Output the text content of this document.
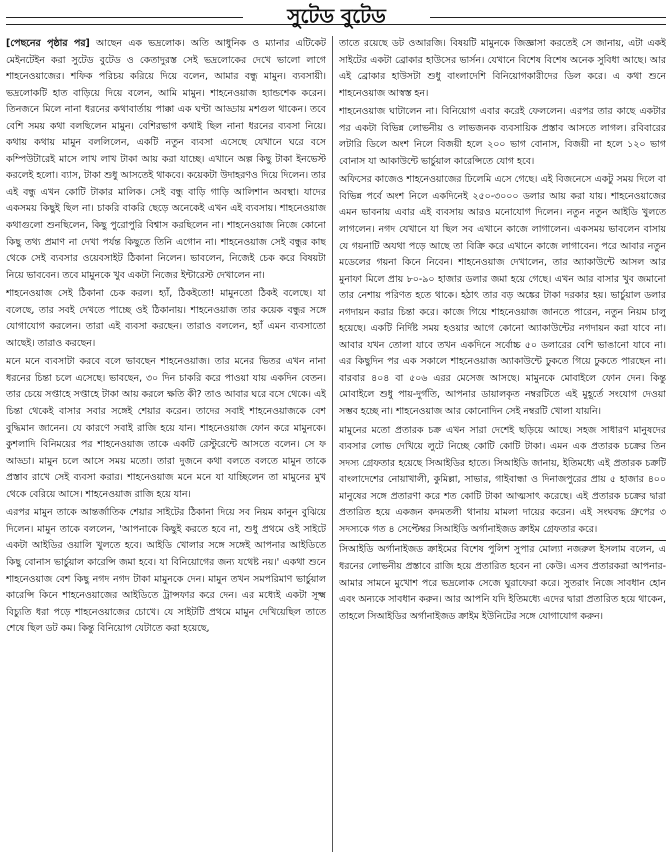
সুটেড বুটেড

[পেছনের পৃষ্ঠার পর] আছেন এক ভদ্রলোক। অতি আধুনিক ও ম্যানার এটিকেট মেইনটেইন করা সুটেড বুটেড ও কেতাদুরস্ত সেই ভদ্রলোকের দেখে ভালো লাগে শাহনেওয়াজের। শফিক পরিচয় করিয়ে দিয়ে বলেন, আমার বন্ধু মামুন। ব্যবসায়ী। ভদ্রলোকটি হাত বাড়িয়ে দিয়ে বলেন, আমি মামুন। শাহনেওয়াজ হ্যান্ডশেক করেন। তিনজনে মিলে নানা ধরনের কথাবার্তায় পাক্কা এক ঘণ্টা আড্ডায় মশগুল থাকেন। তবে বেশি সময় কথা বলছিলেন মামুন। বেশিরভাগ কথাই ছিল নানা ধরনের ব্যবসা নিয়ে। কথায় কথায় মামুন বললিলেন, একটি নতুন ব্যবসা এসেছে যেখানে ঘরে বসে কম্পিউটারেই মাসে লাখ লাখ টাকা আয় করা যাচ্ছে। এখানে অল্প কিছু টাকা ইনভেস্ট করলেই হলো। ব্যাস, টাকা শুধু আসতেই থাকবে। কয়েকটা উদাহরণও দিয়ে দিলেন। তার এই বন্ধু এখন কোটি টাকার মালিক। সেই বন্ধু বাড়ি গাড়ি আলিশান অবস্থা। যাদের একসময় কিছুই ছিল না। চাকরি বাকরি ছেড়ে অনেকেই এখন এই ব্যবসায়। শাহনেওয়াজ কথাগুলো শুনছিলেন, কিছু পুরোপুরি বিশ্বাস করছিলেন না। শাহনেওয়াজ নিজে কোনো কিছু তথ্য প্রমাণ না দেখা পর্যন্ত কিছুতে তিনি এগোন না। শাহনেওয়াজ সেই বন্ধুর কাছ থেকে সেই ব্যবসার ওয়েবসাইট ঠিকানা নিলেন। ভাবলেন, নিজেই চেক করে বিষয়টা নিয়ে ভাববেন। তবে মামুনকে খুব একটা নিজের ইন্টারেস্ট দেখালেন না।

শাহনেওয়াজ সেই ঠিকানা চেক করল। হ্যাঁ, ঠিকইতো! মামুনতো ঠিকই বলেছে। যা বলেছে, তার সবই দেখতে পাচ্ছে ওই ঠিকানায়। শাহনেওয়াজ তার কয়েক বন্ধুর সঙ্গে যোগাযোগ করলেন। তারা এই ব্যবসা করছেন। তারাও বললেন, হ্যাঁ এমন ব্যবসাতো আছেই। তারাও করছেন।

মনে মনে ব্যবসাটা করবে বলে ভাবছেন শাহনেওয়াজ। তার মনের ভিতর এখন নানা ধরনের চিন্তা চলে এসেছে। ভাবছেন, ৩০ দিন চাকরি করে পাওয়া যায় একদিন বেতন। তার চেয়ে সপ্তাহে সপ্তাহে টাকা আয় করলে ক্ষতি কী? তাও আবার ঘরে বসে থেকে। এই চিন্তা থেকেই বাসার সবার সঙ্গেই শেয়ার করেন। তাদের সবাই শাহনেওয়াজকে বেশ বুদ্ধিমান জানেন। যে কারণে সবাই রাজি হয়ে যান। শাহনেওয়াজ ফোন করে মামুনকে। কুশলাদি বিনিময়ের পর শাহনেওয়াজ তাকে একটি রেস্টুরেন্টে আসতে বলেন। সে ফ আড্ডা। মামুন চলে আসে সময় মতো। তারা দুজনে কথা বলতে বলতে মামুন তাকে প্রস্তাব রাখে সেই ব্যবসা করার। শাহনেওয়াজ মনে মনে যা যাচ্ছিলেন তা মামুনের মুখ থেকে বেরিয়ে আসে। শাহনেওয়াজ রাজি হয়ে যান।

এরপর মামুন তাকে আন্তর্জাতিক শেয়ার সাইটের ঠিকানা দিয়ে সব নিয়ম কানুন বুঝিয়ে দিলেন। মামুন তাকে বললেন, 'আপনাকে কিছুই করতে হবে না, শুধু প্রথমে ওই সাইটে একটা আইডির ওয়ালি খুলতে হবে। আইডি খোলার সঙ্গে সঙ্গেই আপনার আইডিতে কিছু বোনাস ভার্চুয়াল কারেন্সি জমা হবে। যা বিনিয়োগের জন্য যথেষ্ট নয়।' একথা শুনে শাহনেওয়াজ বেশ কিছু নগদ নগদ টাকা মামুনকে দেন। মামুন তখন সমপরিমাণ ভার্চুয়াল কারেন্সি কিনে শাহনেওয়াজের আইডিতে ট্রান্সফার করে দেন। এর মধ্যেই একটা সূক্ষ্ম বিচ্যুতি ধরা পড়ে শাহনেওয়াজের চোখে। যে সাইটটি প্রথমে মামুন দেখিয়েছিল তাতে শেষে ছিল ডট কম। কিন্তু বিনিয়োগ যেটাতে করা হয়েছে,

তাতে রয়েছে ডট ওআরজি। বিষয়টি মামুনকে জিজ্ঞাসা করতেই সে জানায়, এটা একই সাইটের একটা ব্রোকার হাউসের ভার্সন। যেখানে বিশেষ বিশেষ অনেক সুবিধা আছে। আর এই ব্রোকার হাউসটা শুধু বাংলাদেশি বিনিয়োগকারীদের ডিল করে। এ কথা শুনে শাহনেওয়াজ আস্বস্ত হন।

শাহনেওয়াজ ঘাটালেন না। বিনিয়োগ এবার করেই ফেললেন। এরপর তার কাছে একটার পর একটা বিভিন্ন লোভনীয় ও লাভজনক ব্যবসায়িক প্রস্তাব আসতে লাগল। রবিবারের লটারি ডিলে অংশ নিলে বিজয়ী হলে ২০০ ভাগ বোনাস, বিজয়ী না হলে ১২০ ভাগ বোনাস যা আকাউন্টে ভার্চুয়াল কারেন্সিতে যোগ হবে।

অফিসের কাজেও শাহনেওয়াজের ঢিলেমি এসে গেছে। এই বিজনেসে একটু সময় দিলে বা বিভিন্ন পর্বে অংশ নিলে একদিনেই ২৫০-৩০০০ ডলার আয় করা যায়। শাহনেওয়াজের এমন ভাবনায় এবার এই ব্যবসায় আরও মনোযোগ দিলেন। নতুন নতুন আইডি খুলতে লাগলেন। নগদ যেখানে যা ছিল সব এখানে কাজে লাগালেন। একসময় ভাবলেন বাসায় যে গয়নাটি অযথা পড়ে আছে তা বিক্রি করে এখানে কাজে লাগাবেন। পরে আবার নতুন মডেলের গয়না কিনে নিবেন। শাহনেওয়াজ দেখালেন, তার অ্যাকাউন্টে আসল আর মুনাফা মিলে প্রায় ৮০-৯০ হাজার ডলার জমা হয়ে গেছে। এখন আর বাসার খুব জমানো তার নেশায় পরিণত হতে থাকে। হঠাৎ তার বড় অঙ্কের টাকা দরকার হয়। ভার্চুয়াল ডলার নগদায়ন করার চিন্তা করে। কাজে গিয়ে শাহনেওয়াজ জানতে পারেন, নতুন নিয়ম চালু হয়েছে। একটি নির্দিষ্ট সময় হওয়ার আগে কোনো অ্যাকাউন্টের নগদায়ন করা যাবে না। আবার যখন তোলা যাবে তখন একদিনে সর্বোচ্চ ৫০ ডলারের বেশি ভাঙানো যাবে না। এর কিছুদিন পর এক সকালে শাহনেওয়াজ অ্যাকাউন্টে ঢুকতে গিয়ে ঢুকতে পারছেন না। বারবার ৪০৪ বা ৫০৬ এরর মেসেজ আসছে। মামুনকে মোবাইলে ফোন দেন। কিন্তু মোবাইলে শুধু পায়-দুর্গতি, আপনার ডায়ালকৃত নম্বরটিতে এই মুহূর্তে সংযোগ দেওয়া সম্ভব হচ্ছে না। শাহনেওয়াজ আর কোনোদিন সেই নম্বরটি খোলা যায়নি।

মামুনের মতো প্রতারক চক্র এখন সারা দেশেই ছড়িয়ে আছে। সহজ সাধারণ মানুষদের ব্যবসার লোভ দেখিয়ে লুটে নিচ্ছে কোটি কোটি টাকা। এমন এক প্রতারক চক্রের তিন সদস্য গ্রেফতার হয়েছে সিআইডির হাতে। সিআইডি জানায়, ইতিমধ্যে এই প্রতারক চক্রটি বাংলাদেশের নোয়াখালী, কুমিল্লা, সাভার, গাইবান্ধা ও দিনাজপুরের প্রায় ৫ হাজার ৪০০ মানুষের সঙ্গে প্রতারণা করে শত কোটি টাকা আত্মসাৎ করেছে। এই প্রতারক চক্রের দ্বারা প্রতারিত হয়ে একজন কদমতলী থানায় মামলা দায়ের করেন। এই সংঘবদ্ধ গ্রুপের ৩ সদস্যকে গত ৪ সেপ্টেম্বর সিআইডি অর্গানাইজড ক্রাইম গ্রেফতার করে।

সিআইডি অর্গানাইজড ক্রাইমের বিশেষ পুলিশ সুপার মোল্যা নজরুল ইসলাম বলেন, এ ধরনের লোভনীয় প্রস্তাবে রাজি হয়ে প্রতারিত হবেন না কেউ। এসব প্রতারকরা আপনার-আমার সামনে মুখোশ পরে ভদ্রলোক সেজে ঘুরাফেরা করে। সুতরাং নিজে সাবধান হোন এবং অন্যকে সাবধান করুন। আর আপনি যদি ইতিমধ্যে এদের দ্বারা প্রতারিত হয়ে থাকেন, তাহলে সিআইডির অর্গানাইজড ক্রাইম ইউনিটের সঙ্গে যোগাযোগ করুন।
